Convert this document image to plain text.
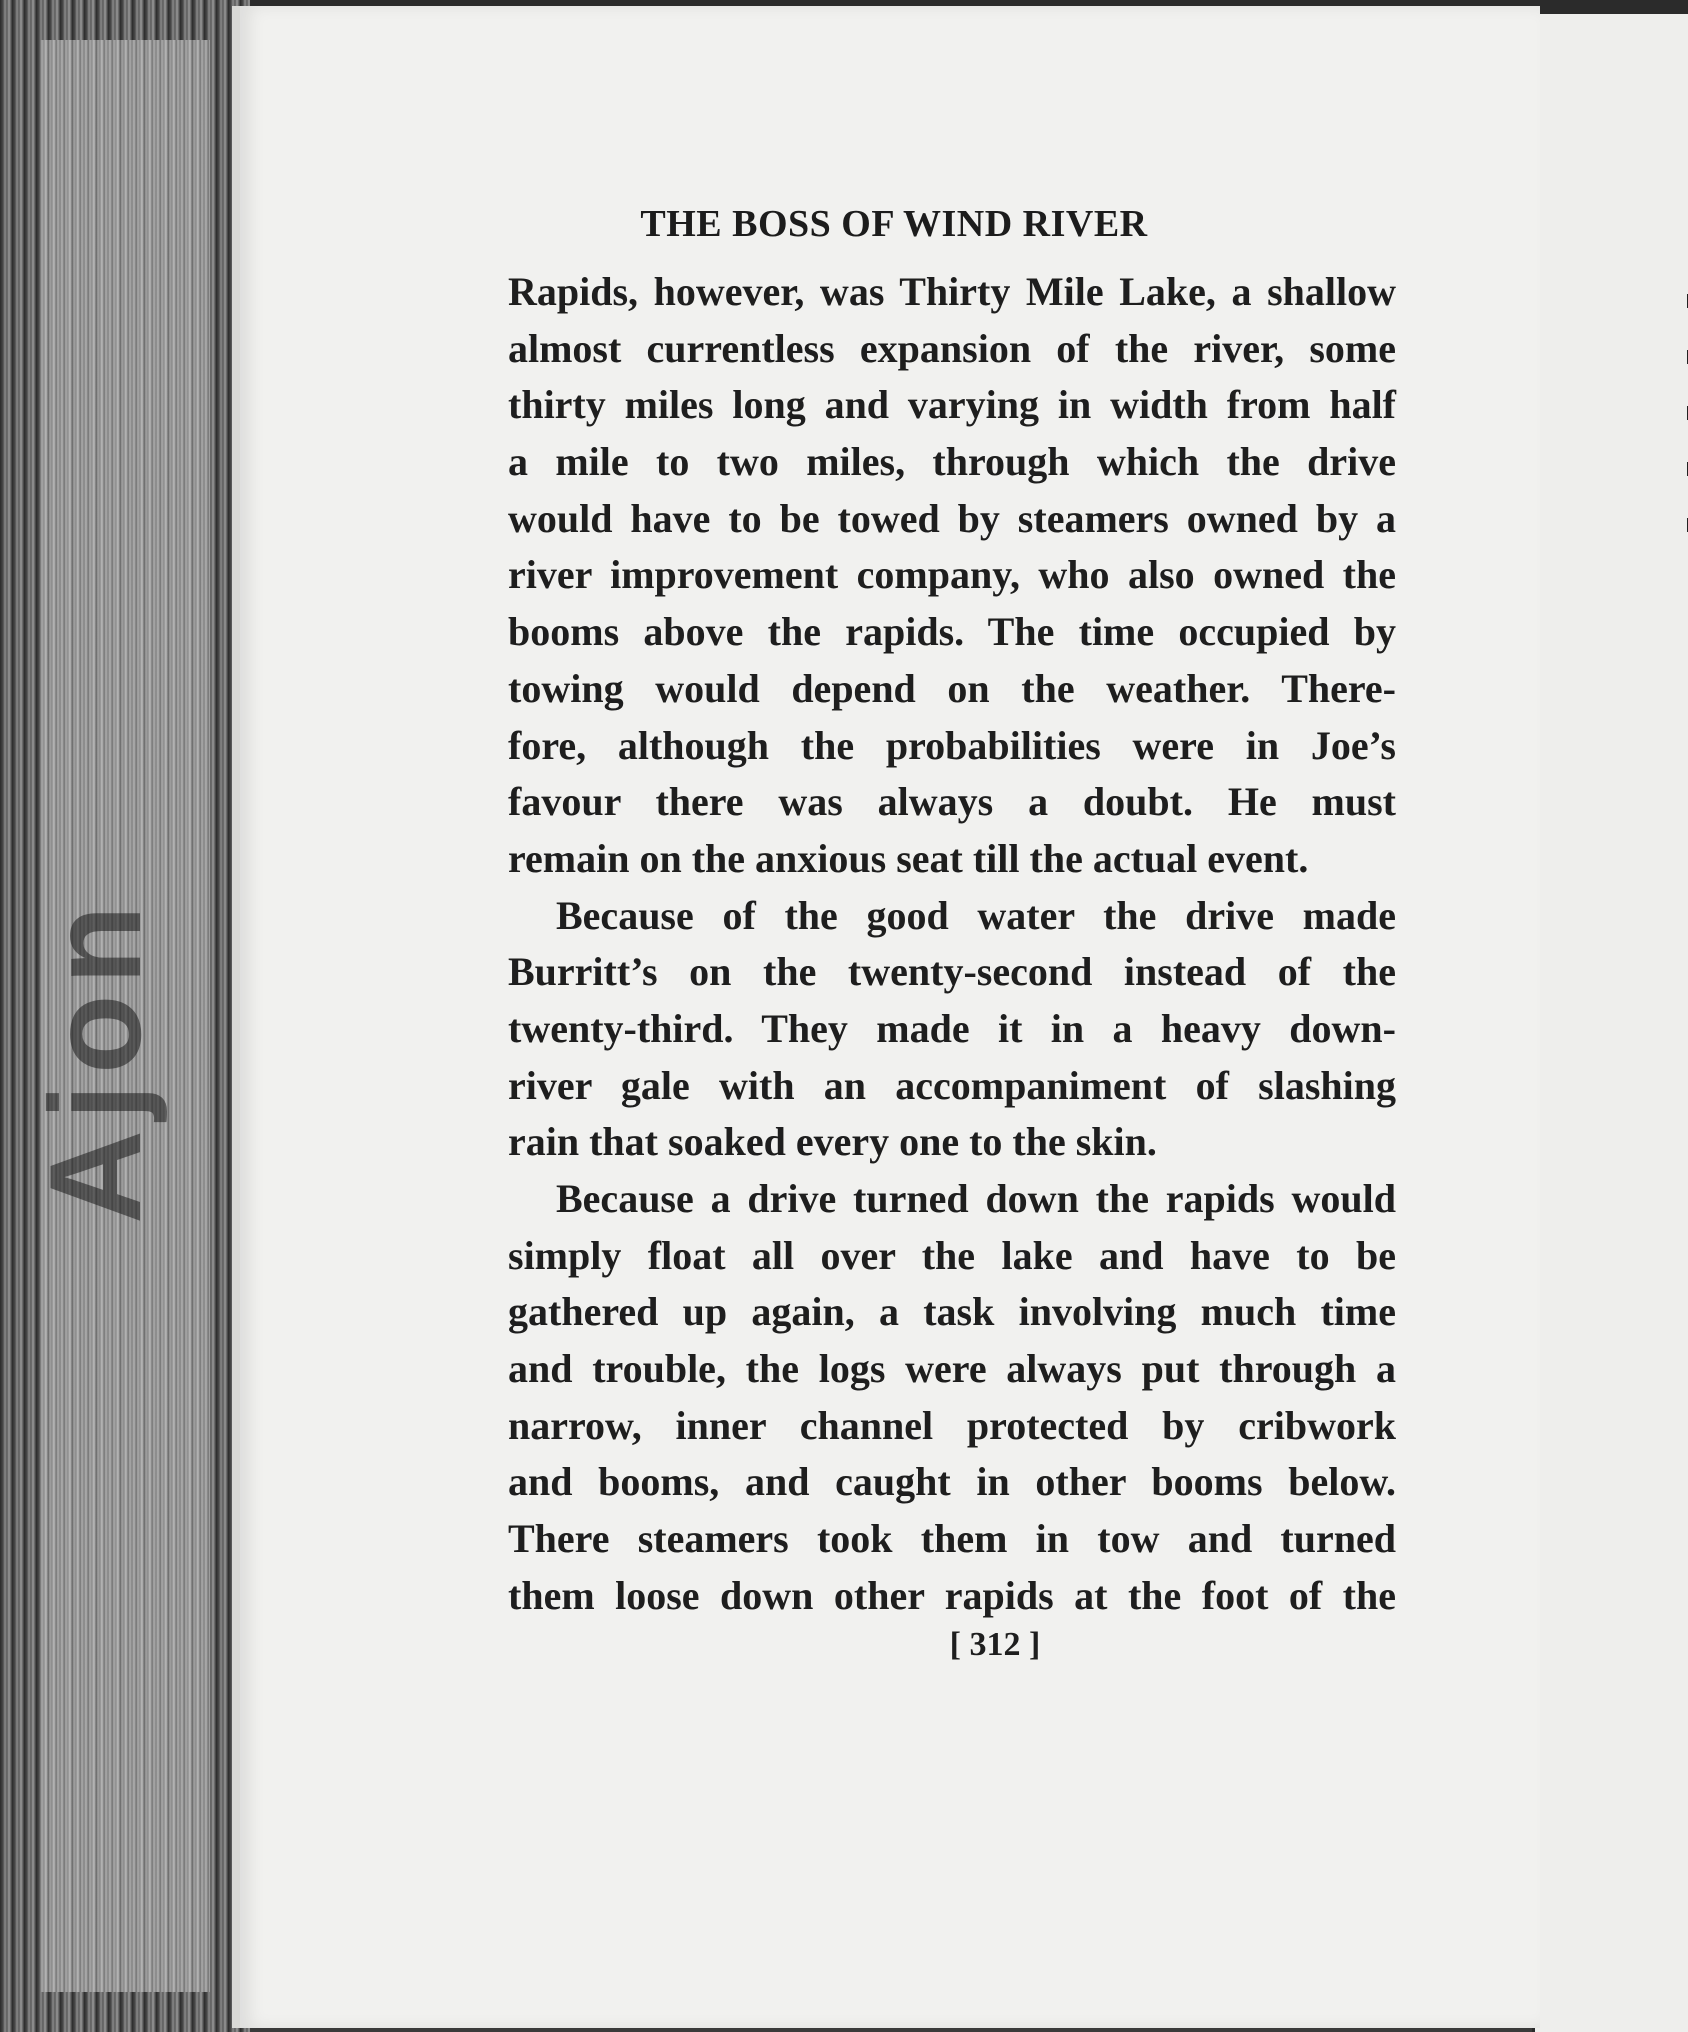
Ajon
THE BOSS OF WIND RIVER
Rapids, however, was Thirty Mile Lake, a shallow
almost currentless expansion of the river, some
thirty miles long and varying in width from half
a mile to two miles, through which the drive
would have to be towed by steamers owned by a
river improvement company, who also owned the
booms above the rapids. The time occupied by
towing would depend on the weather. There-
fore, although the probabilities were in Joe’s
favour there was always a doubt. He must
remain on the anxious seat till the actual event.
Because of the good water the drive made
Burritt’s on the twenty-second instead of the
twenty-third. They made it in a heavy down-
river gale with an accompaniment of slashing
rain that soaked every one to the skin.
Because a drive turned down the rapids would
simply float all over the lake and have to be
gathered up again, a task involving much time
and trouble, the logs were always put through a
narrow, inner channel protected by cribwork
and booms, and caught in other booms below.
There steamers took them in tow and turned
them loose down other rapids at the foot of the
[ 312 ]
